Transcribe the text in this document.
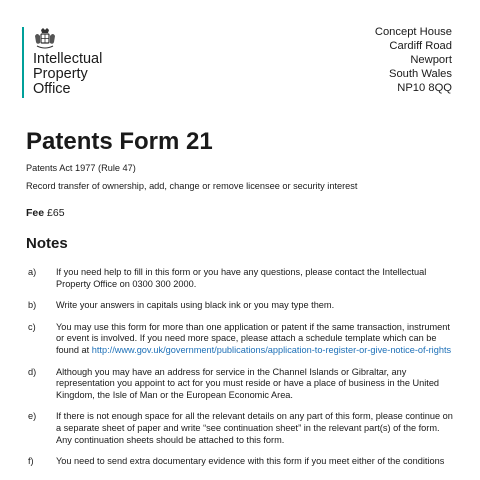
Intellectual
Property
Office
Concept House
Cardiff Road
Newport
South Wales
NP10 8QQ
Patents Form 21
Patents Act 1977 (Rule 47)
Record transfer of ownership, add, change or remove licensee or security interest
Fee £65
Notes
a) If you need help to fill in this form or you have any questions, please contact the Intellectual Property Office on 0300 300 2000.
b) Write your answers in capitals using black ink or you may type them.
c) You may use this form for more than one application or patent if the same transaction, instrument or event is involved. If you need more space, please attach a schedule template which can be found at http://www.gov.uk/government/publications/application-to-register-or-give-notice-of-rights
d) Although you may have an address for service in the Channel Islands or Gibraltar, any representation you appoint to act for you must reside or have a place of business in the United Kingdom, the Isle of Man or the European Economic Area.
e) If there is not enough space for all the relevant details on any part of this form, please continue on a separate sheet of paper and write “see continuation sheet” in the relevant part(s) of the form. Any continuation sheets should be attached to this form.
f) You need to send extra documentary evidence with this form if you meet either of the conditions
